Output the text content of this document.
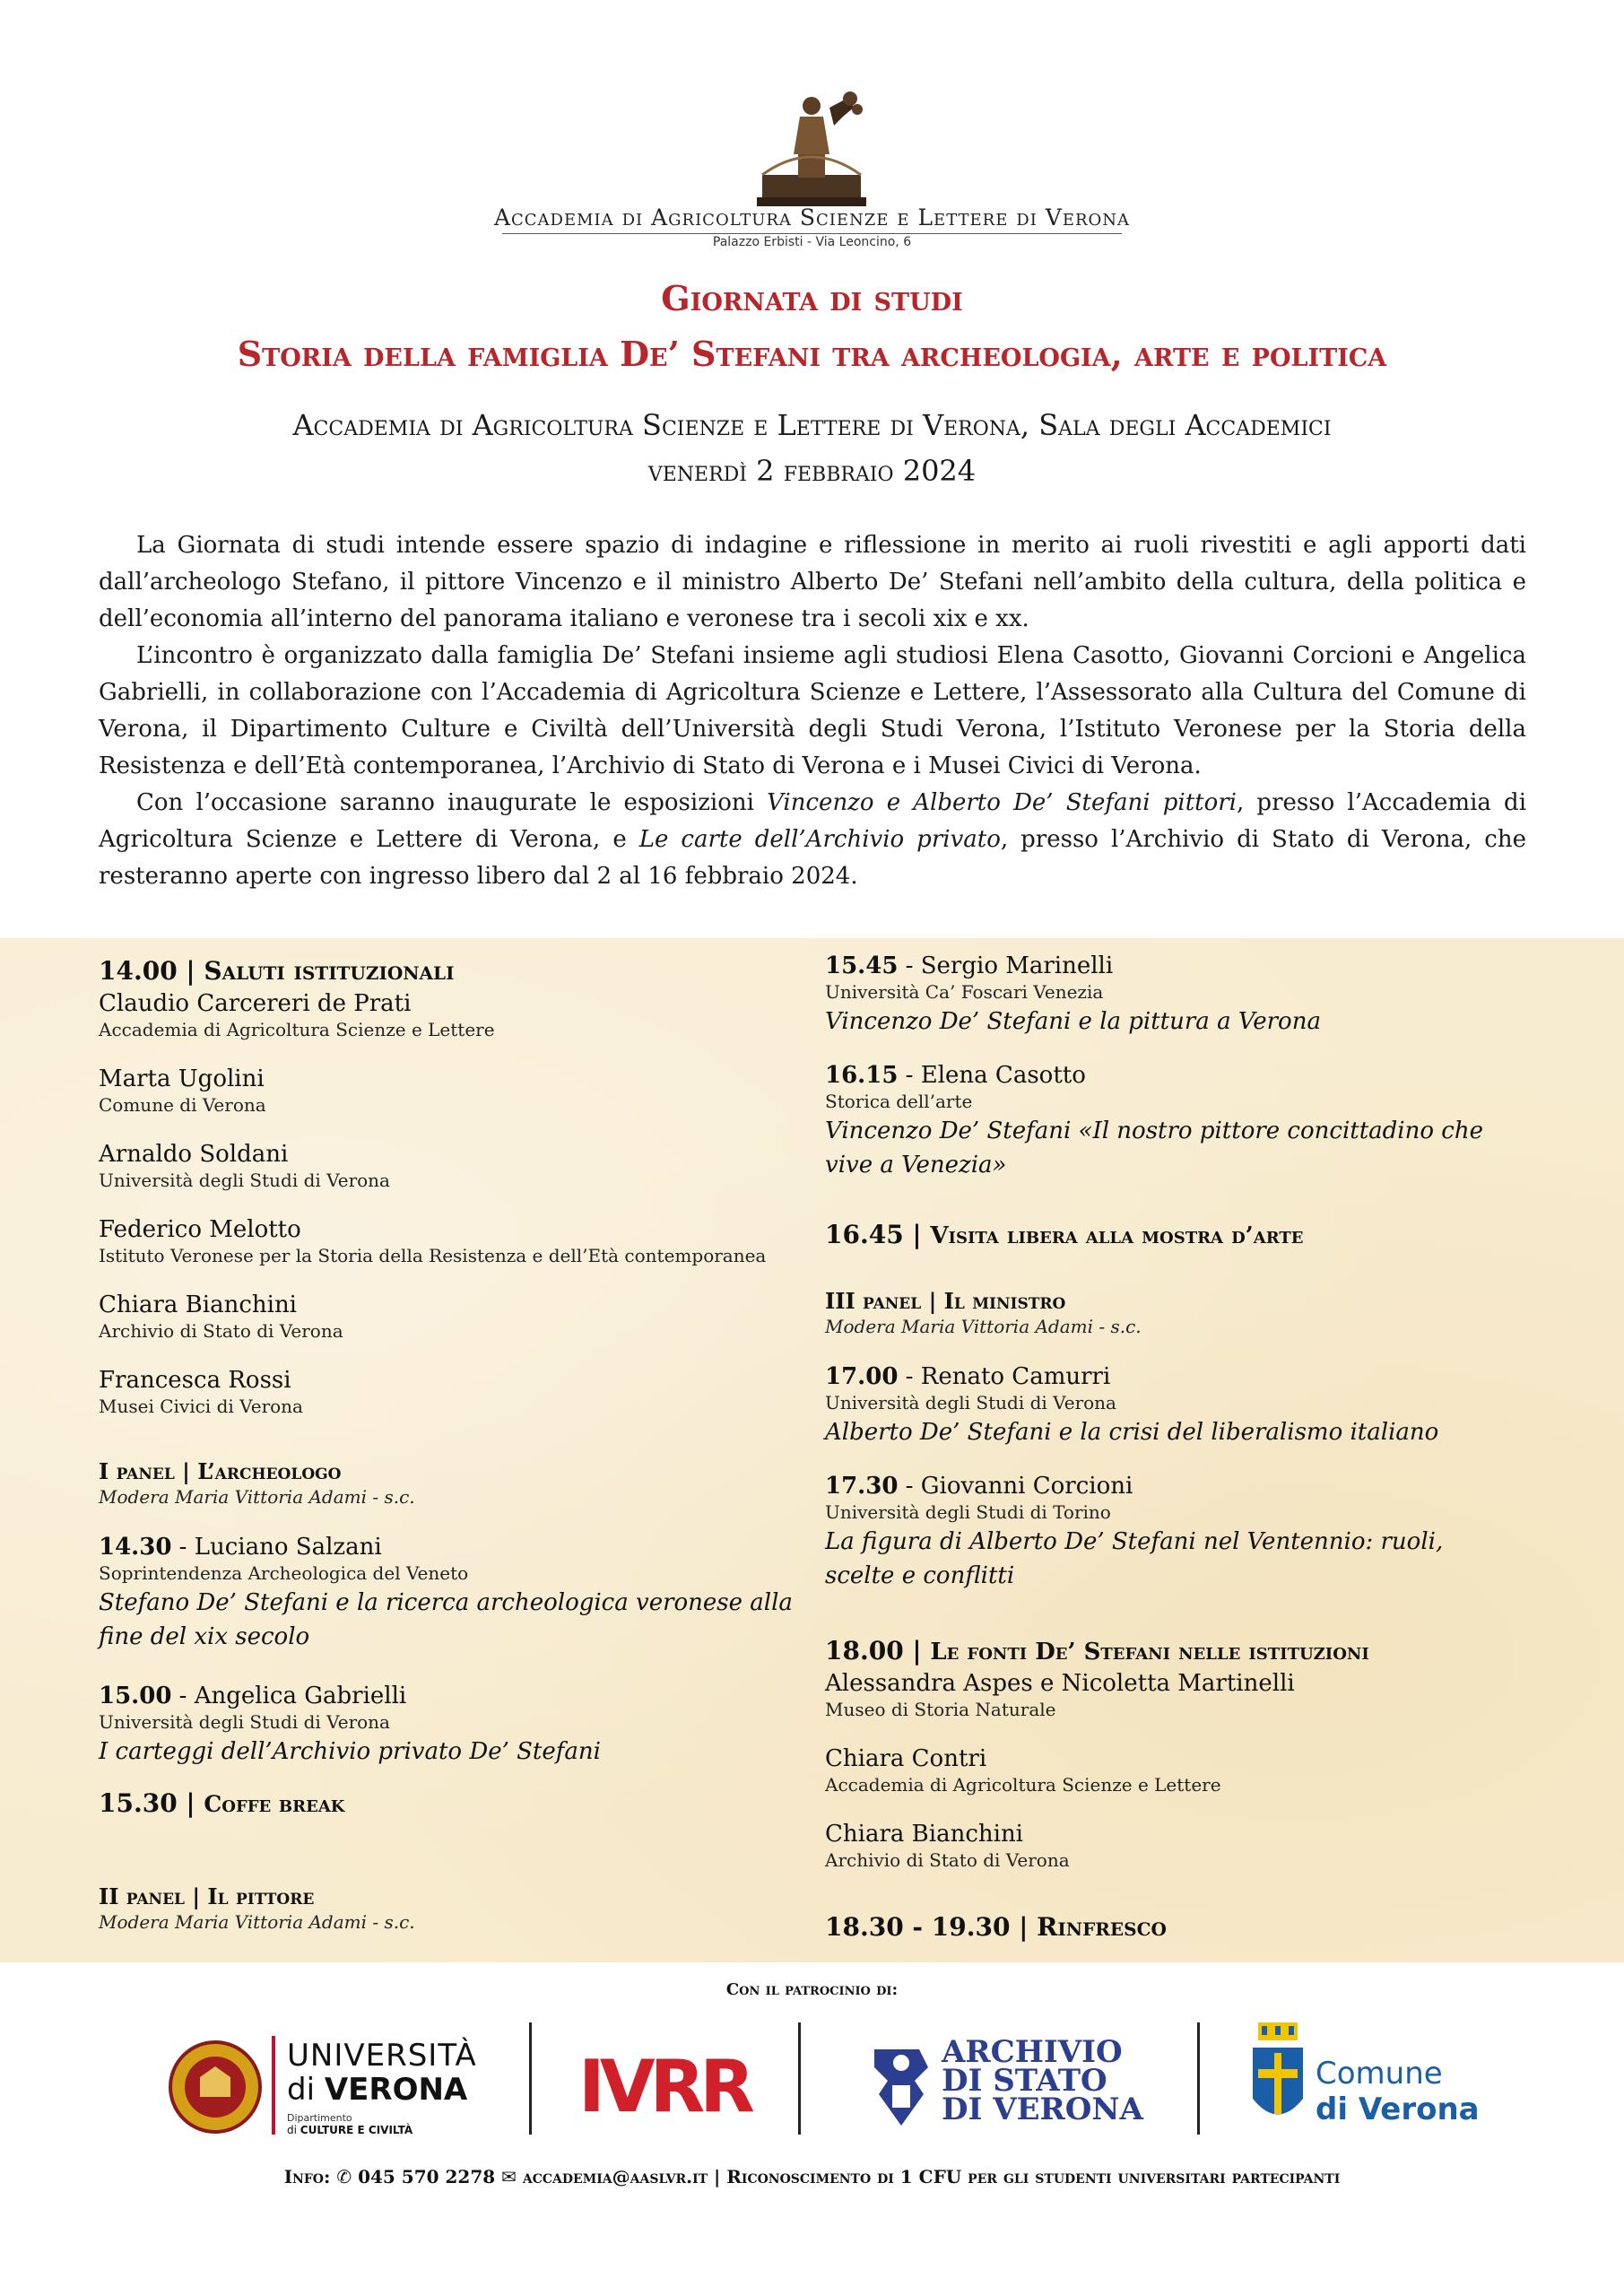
Accademia di Agricoltura Scienze e Lettere di Verona
Palazzo Erbisti - Via Leoncino, 6
Giornata di studi
Storia della famiglia De’ Stefani tra archeologia, arte e politica
Accademia di Agricoltura Scienze e Lettere di Verona, Sala degli Accademici
venerdì 2 febbraio 2024

La Giornata di studi intende essere spazio di indagine e riflessione in merito ai ruoli rivestiti e agli apporti dati dall’archeologo Stefano, il pittore Vincenzo e il ministro Alberto De’ Stefani nell’ambito della cultura, della politica e dell’economia all’interno del panorama italiano e veronese tra i secoli xix e xx.

L’incontro è organizzato dalla famiglia De’ Stefani insieme agli studiosi Elena Casotto, Giovanni Corcioni e Angelica Gabrielli, in collaborazione con l’Accademia di Agricoltura Scienze e Lettere, l’Assessorato alla Cultura del Comune di Verona, il Dipartimento Culture e Civiltà dell’Università degli Studi Verona, l’Istituto Veronese per la Storia della Resistenza e dell’Età contemporanea, l’Archivio di Stato di Verona e i Musei Civici di Verona.

Con l’occasione saranno inaugurate le esposizioni Vincenzo e Alberto De’ Stefani pittori, presso l’Accademia di Agricoltura Scienze e Lettere di Verona, e Le carte dell’Archivio privato, presso l’Archivio di Stato di Verona, che resteranno aperte con ingresso libero dal 2 al 16 febbraio 2024.

14.00 | Saluti istituzionali
Claudio Carcereri de Prati
Accademia di Agricoltura Scienze e Lettere
Marta Ugolini
Comune di Verona
Arnaldo Soldani
Università degli Studi di Verona
Federico Melotto
Istituto Veronese per la Storia della Resistenza e dell’Età contemporanea
Chiara Bianchini
Archivio di Stato di Verona
Francesca Rossi
Musei Civici di Verona
I panel | L’archeologo
Modera Maria Vittoria Adami - s.c.
14.30 - Luciano Salzani
Soprintendenza Archeologica del Veneto
Stefano De’ Stefani e la ricerca archeologica veronese alla fine del xix secolo
15.00 - Angelica Gabrielli
Università degli Studi di Verona
I carteggi dell’Archivio privato De’ Stefani
15.30 | Coffe break
II panel | Il pittore
Modera Maria Vittoria Adami - s.c.
15.45 - Sergio Marinelli
Università Ca’ Foscari Venezia
Vincenzo De’ Stefani e la pittura a Verona
16.15 - Elena Casotto
Storica dell’arte
Vincenzo De’ Stefani «Il nostro pittore concittadino che vive a Venezia»
16.45 | Visita libera alla mostra d’arte
III panel | Il ministro
Modera Maria Vittoria Adami - s.c.
17.00 - Renato Camurri
Università degli Studi di Verona
Alberto De’ Stefani e la crisi del liberalismo italiano
17.30 - Giovanni Corcioni
Università degli Studi di Torino
La figura di Alberto De’ Stefani nel Ventennio: ruoli, scelte e conflitti
18.00 | Le fonti De’ Stefani nelle istituzioni
Alessandra Aspes e Nicoletta Martinelli
Museo di Storia Naturale
Chiara Contri
Accademia di Agricoltura Scienze e Lettere
Chiara Bianchini
Archivio di Stato di Verona
18.30 - 19.30 | Rinfresco
Con il patrocinio di:
UNIVERSITÀ
di VERONA
Dipartimento
di CULTURE E CIVILTÀ
IVRR	ARCHIVIO
DI STATO
DI VERONA
Comune
di Verona
Info: ✆ 045 570 2278 ✉ accademia@aaslvr.it | Riconoscimento di 1 CFU per gli studenti universitari partecipanti
